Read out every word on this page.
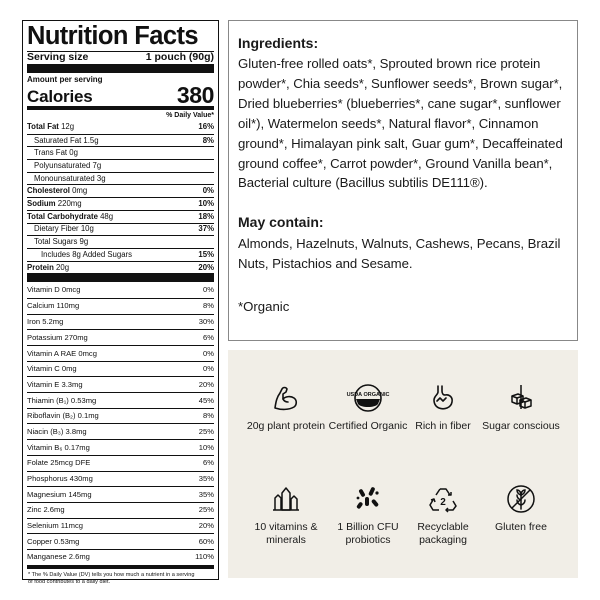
Nutrition Facts
Serving size	1 pouch (90g)
Amount per serving
Calories	380
% Daily Value*
Total Fat 12g	16%
Saturated Fat 1.5g	8%
Trans Fat 0g
Polyunsaturated 7g
Monounsaturated 3g
Cholesterol 0mg	0%
Sodium 220mg	10%
Total Carbohydrate 48g	18%
Dietary Fiber 10g	37%
Total Sugars 9g
Includes 8g Added Sugars	15%
Protein 20g	20%
Vitamin D 0mcg	0%
Calcium 110mg	8%
Iron 5.2mg	30%
Potassium 270mg	6%
Vitamin A RAE 0mcg	0%
Vitamin C 0mg	0%
Vitamin E 3.3mg	20%
Thiamin (B₁) 0.53mg	45%
Riboflavin (B₂) 0.1mg	8%
Niacin (B₃) 3.8mg	25%
Vitamin B₆ 0.17mg	10%
Folate 25mcg DFE	6%
Phosphorus 430mg	35%
Magnesium 145mg	35%
Zinc 2.6mg	25%
Selenium 11mcg	20%
Copper 0.53mg	60%
Manganese 2.6mg	110%
* The % Daily Value (DV) tells you how much a nutrient in a serving of food contributes to a daily diet.
Ingredients:
Gluten-free rolled oats*, Sprouted brown rice protein powder*, Chia seeds*, Sunflower seeds*, Brown sugar*, Dried blueberries* (blueberries*, cane sugar*, sunflower oil*), Watermelon seeds*, Natural flavor*, Cinnamon ground*, Himalayan pink salt, Guar gum*, Decaffeinated ground coffee*, Carrot powder*, Ground Vanilla bean*, Bacterial culture (Bacillus subtilis DE111®).
May contain:
Almonds, Hazelnuts, Walnuts, Cashews, Pecans, Brazil Nuts, Pistachios and Sesame.
*Organic
20g plant protein
USDA ORGANIC
Certified Organic Rich in fiber	Sugar conscious
10 vitamins & minerals
1 Billion CFU probiotics
2
Recyclable packaging
Gluten free
